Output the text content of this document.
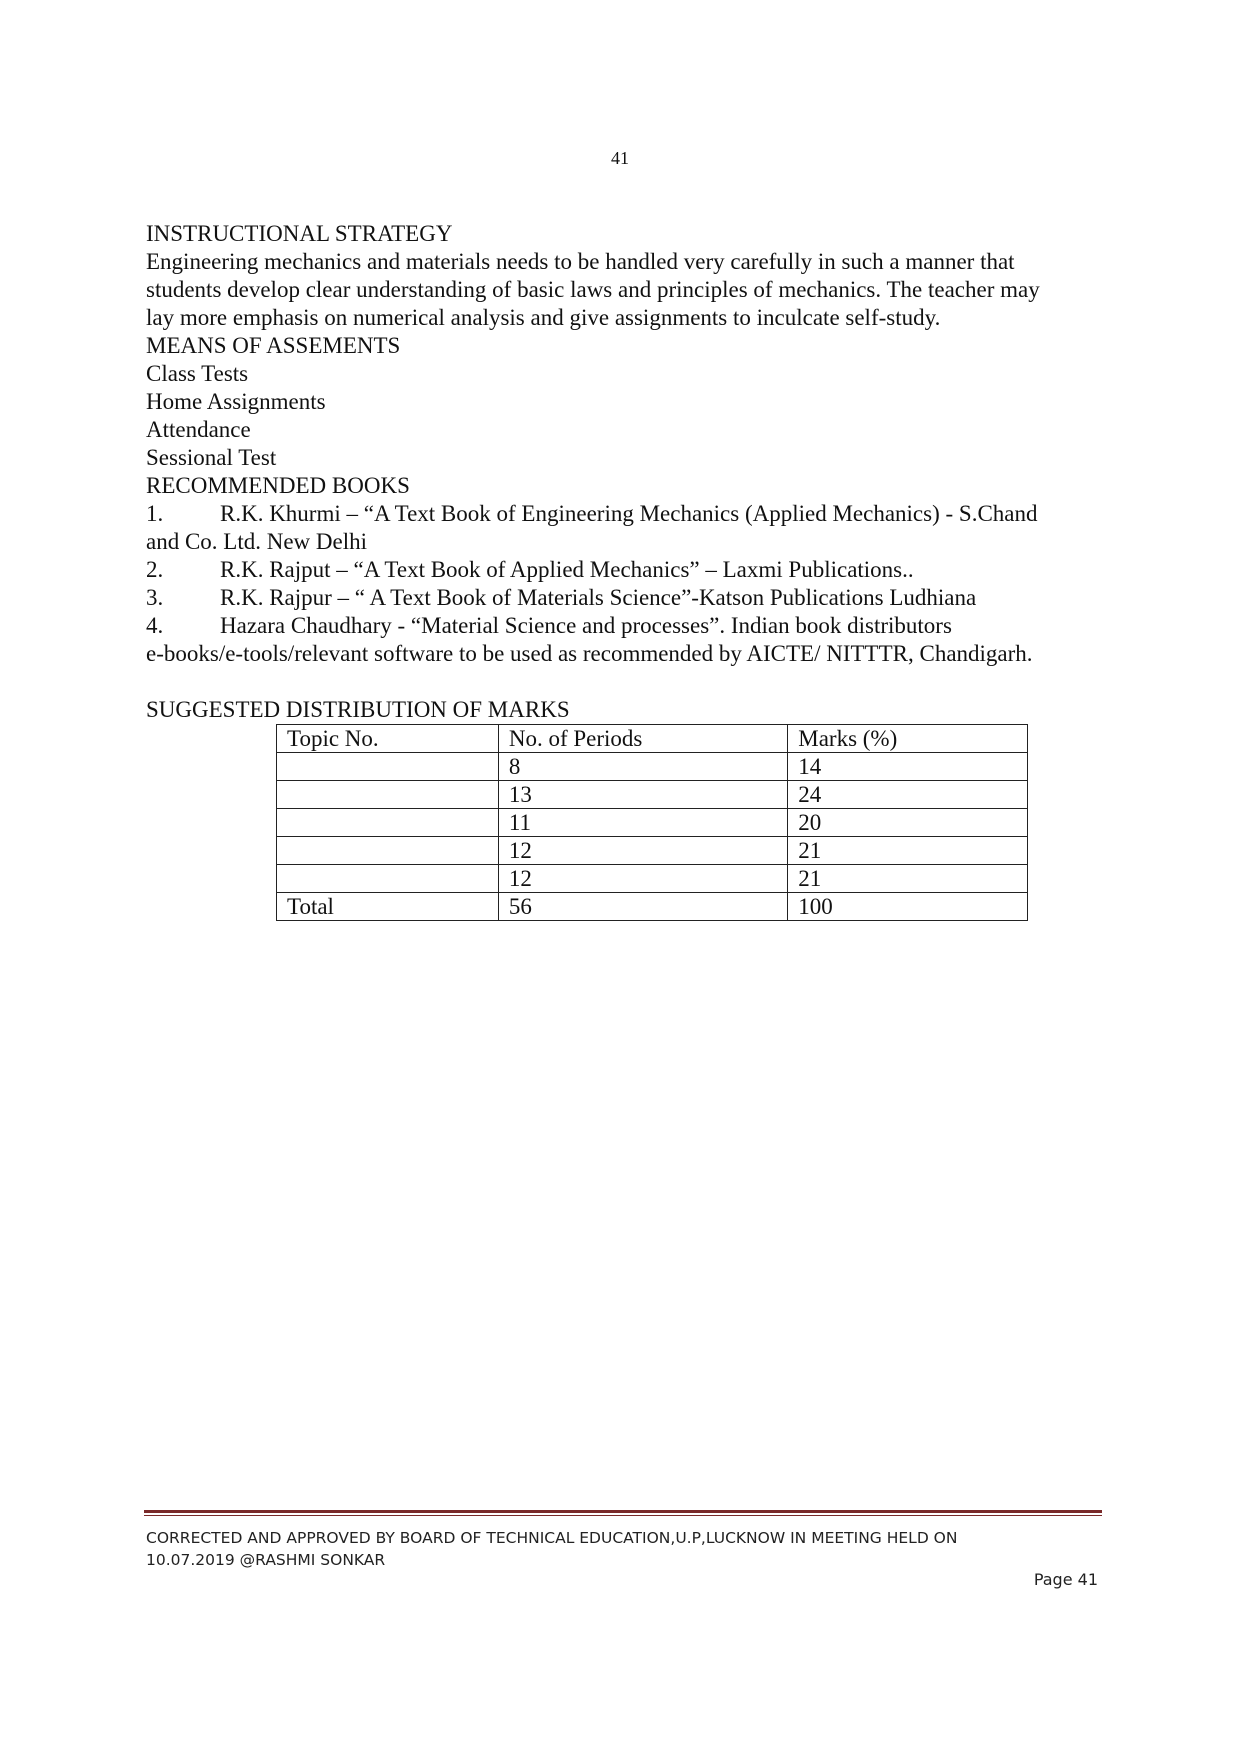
41

INSTRUCTIONAL STRATEGY

Engineering mechanics and materials needs to be handled very carefully in such a manner that

students develop clear understanding of basic laws and principles of mechanics. The teacher may

lay more emphasis on numerical analysis and give assignments to inculcate self-study.

MEANS OF ASSEMENTS

Class Tests

Home Assignments

Attendance

Sessional Test

RECOMMENDED BOOKS

1.	R.K. Khurmi – “A Text Book of Engineering Mechanics (Applied Mechanics) - S.Chand

and Co. Ltd. New Delhi

2.	R.K. Rajput – “A Text Book of Applied Mechanics” – Laxmi Publications..
3.	R.K. Rajpur – “ A Text Book of Materials Science”-Katson Publications Ludhiana
4.	Hazara Chaudhary - “Material Science and processes”. Indian book distributors

e-books/e-tools/relevant software to be used as recommended by AICTE/ NITTTR, Chandigarh.

SUGGESTED DISTRIBUTION OF MARKS

Topic No.	No. of Periods	Marks (%)
	8	14
	13	24
	11	20
	12	21
	12	21
Total	56	100
CORRECTED AND APPROVED BY BOARD OF TECHNICAL EDUCATION,U.P,LUCKNOW IN MEETING HELD ON
10.07.2019 @RASHMI SONKAR
Page 41
